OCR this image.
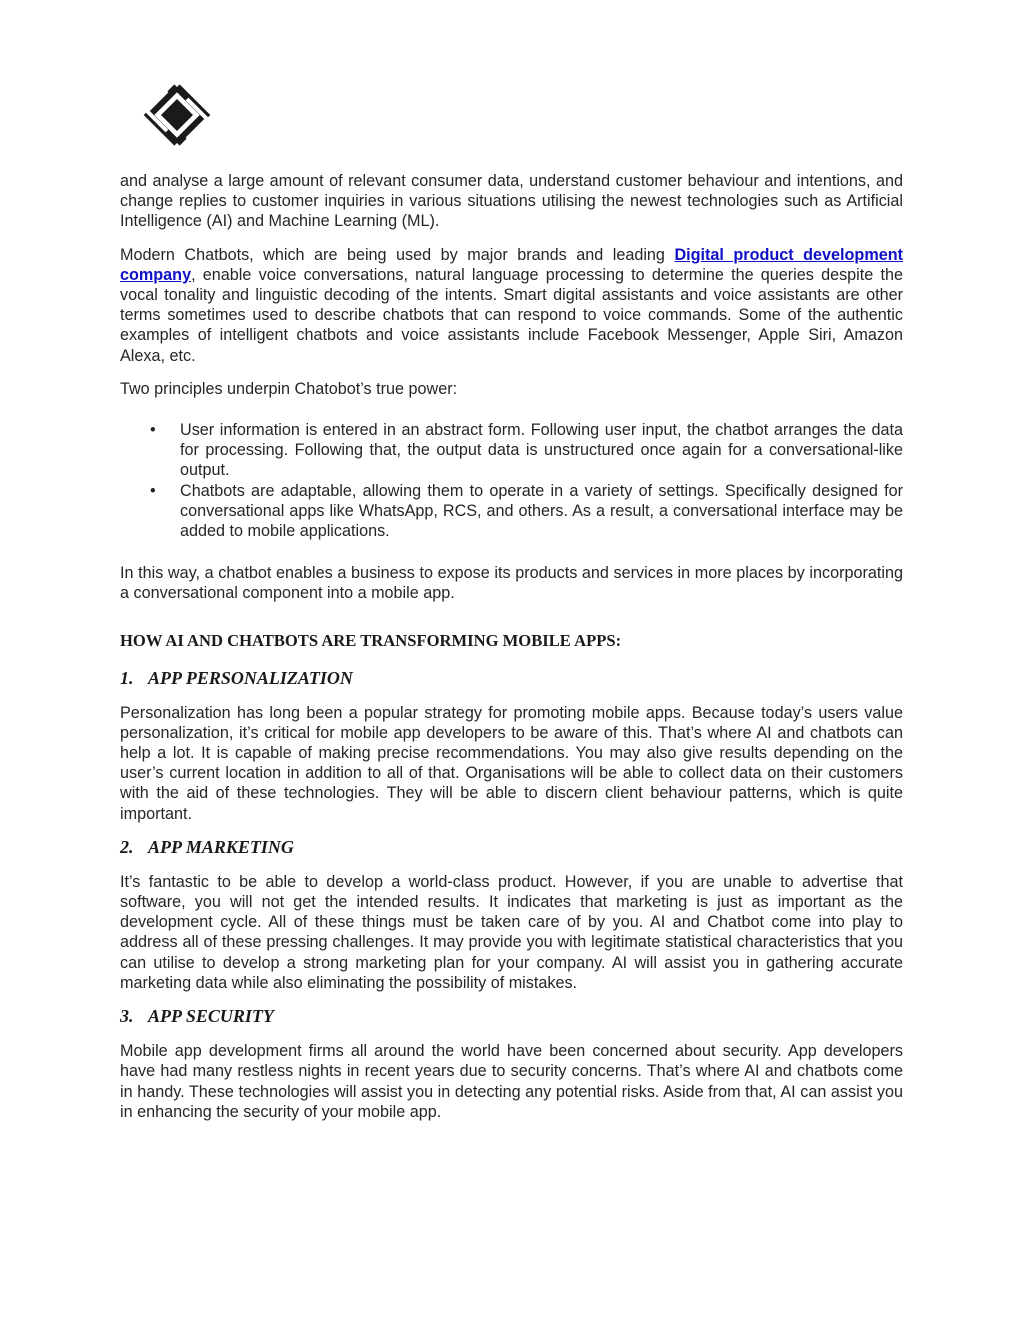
and analyse a large amount of relevant consumer data, understand customer behaviour and intentions, and change replies to customer inquiries in various situations utilising the newest technologies such as Artificial Intelligence (AI) and Machine Learning (ML).

Modern Chatbots, which are being used by major brands and leading Digital product development company, enable voice conversations, natural language processing to determine the queries despite the vocal tonality and linguistic decoding of the intents. Smart digital assistants and voice assistants are other terms sometimes used to describe chatbots that can respond to voice commands. Some of the authentic examples of intelligent chatbots and voice assistants include Facebook Messenger, Apple Siri, Amazon Alexa, etc.

Two principles underpin Chatobot’s true power:

• User information is entered in an abstract form. Following user input, the chatbot arranges the data for processing. Following that, the output data is unstructured once again for a conversational-like output.
• Chatbots are adaptable, allowing them to operate in a variety of settings. Specifically designed for conversational apps like WhatsApp, RCS, and others. As a result, a conversational interface may be added to mobile applications.

In this way, a chatbot enables a business to expose its products and services in more places by incorporating a conversational component into a mobile app.

HOW AI AND CHATBOTS ARE TRANSFORMING MOBILE APPS:
1. APP PERSONALIZATION

Personalization has long been a popular strategy for promoting mobile apps. Because today’s users value personalization, it’s critical for mobile app developers to be aware of this. That’s where AI and chatbots can help a lot. It is capable of making precise recommendations. You may also give results depending on the user’s current location in addition to all of that. Organisations will be able to collect data on their customers with the aid of these technologies. They will be able to discern client behaviour patterns, which is quite important.

2. APP MARKETING

It’s fantastic to be able to develop a world-class product. However, if you are unable to advertise that software, you will not get the intended results. It indicates that marketing is just as important as the development cycle. All of these things must be taken care of by you. AI and Chatbot come into play to address all of these pressing challenges. It may provide you with legitimate statistical characteristics that you can utilise to develop a strong marketing plan for your company. AI will assist you in gathering accurate marketing data while also eliminating the possibility of mistakes.

3. APP SECURITY

Mobile app development firms all around the world have been concerned about security. App developers have had many restless nights in recent years due to security concerns. That’s where AI and chatbots come in handy. These technologies will assist you in detecting any potential risks. Aside from that, AI can assist you in enhancing the security of your mobile app.
